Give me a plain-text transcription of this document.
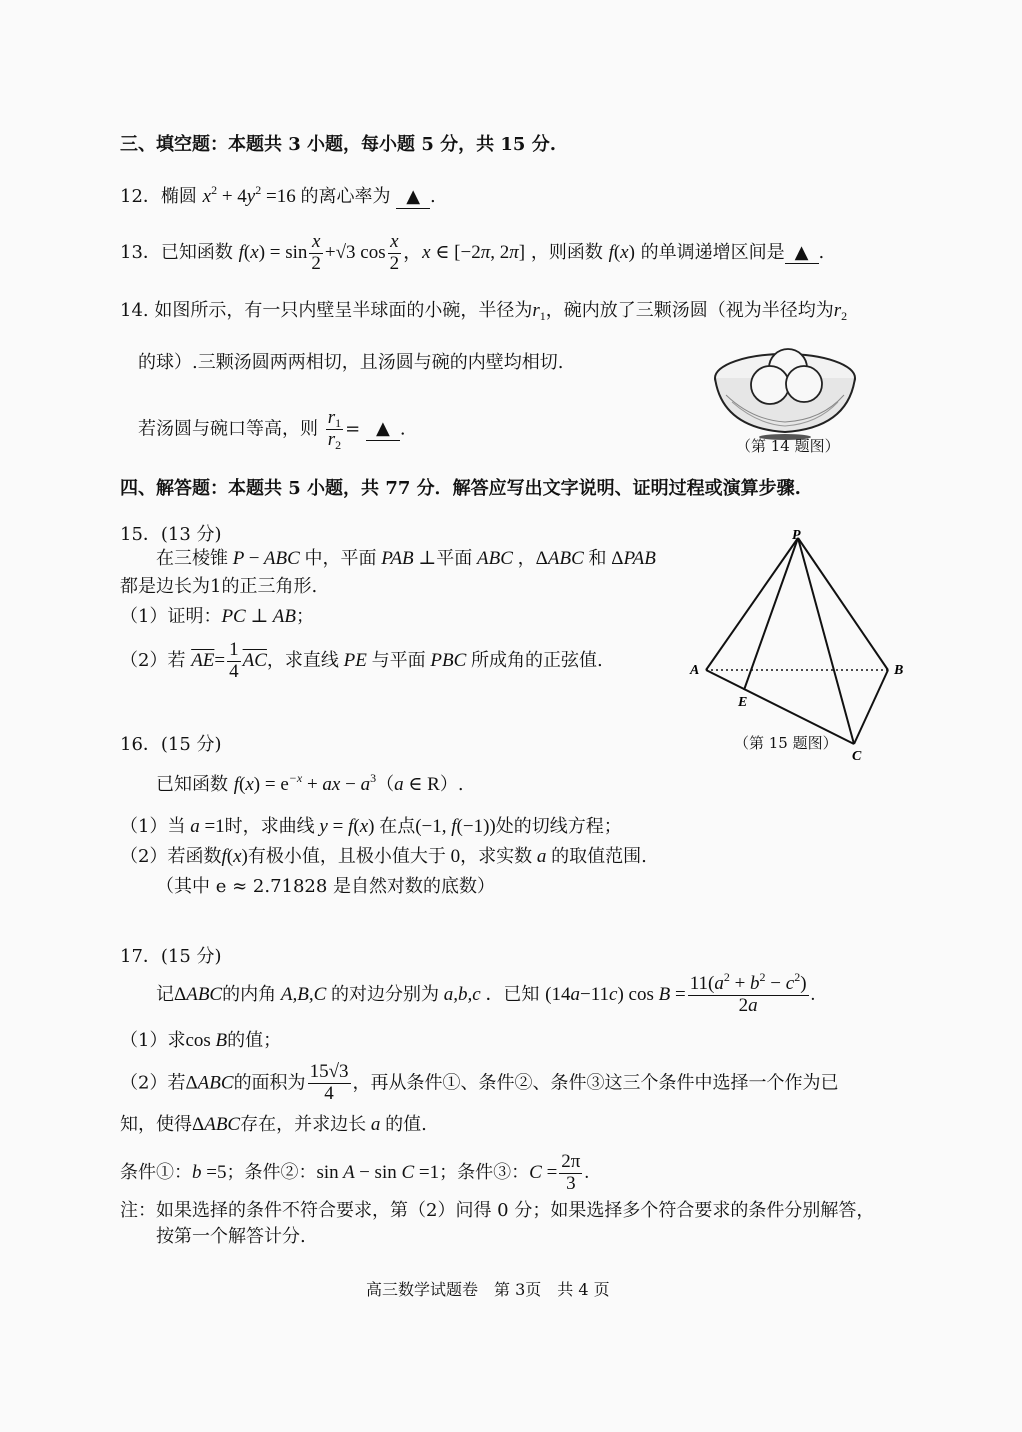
三、填空题：本题共 3 小题，每小题 5 分，共 15 分.
12．椭圆 $x^2 + 4y^2 =16$ 的离心率为 ▲ .
13．已知函数 $f(x) = \sin \frac{x}{2} +√3$ $\cos \frac{x}{2}$ ，x ∈ [−2π, 2π] ，则函数 f(x) 的单调递增区间是 ▲ .
14. 如图所示，有一只内壁呈半球面的小碗，半径为$r_1$，碗内放了三颗汤圆（视为半径均为$r_2$
的球）.三颗汤圆两两相切，且汤圆与碗的内壁均相切.
若汤圆与碗口等高，则 $\frac{r_1}{r_2}$ = ▲ .
（第 14 题图）
四、解答题：本题共 5 小题，共 77 分．解答应写出文字说明、证明过程或演算步骤.
15．(13 分)
在三棱锥 P − ABC 中，平面 PAB ⊥平面 ABC ，ΔABC 和 ΔPAB
都是边长为1的正三角形.
（1）证明：PC ⊥ AB；
（2）若 $\overline{AE}= \frac{1}{4} \overline{AC}$，求直线 PE 与平面 PBC 所成角的正弦值.
P
A	B
E
C
（第 15 题图）
16．(15 分)
已知函数 $f(x) = e^{-x}$ + ax − $a^3(a$ ∈ R）.
（1）当 a =1时，求曲线 y = f(x) 在点(−1, f(−1))处的切线方程；
（2）若函数f(x)有极小值，且极小值大于 0，求实数 a 的取值范围.
（其中 e ≈ 2.71828 是自然对数的底数）
17．(15 分)
记ΔABC的内角 A,B,C 的对边分别为 a,b,c ．已知 (14a−11c) $\cos B = \frac{11(a^2 + b^2 - c^2)}{2a}$ .
（1）求cos B的值；
（2）若ΔABC的面积为 $\frac{15√3}{4}$ ，再从条件①、条件②、条件③这三个条件中选择一个作为已
知，使得ΔABC存在，并求边长 a 的值.
条件①：b =5；条件②：sin A − sin C =1；条件③：$C = \frac{2\pi}{3}$ .
注：如果选择的条件不符合要求，第（2）问得 0 分；如果选择多个符合要求的条件分别解答，
按第一个解答计分.
高三数学试题卷　第 3页　共 4 页
